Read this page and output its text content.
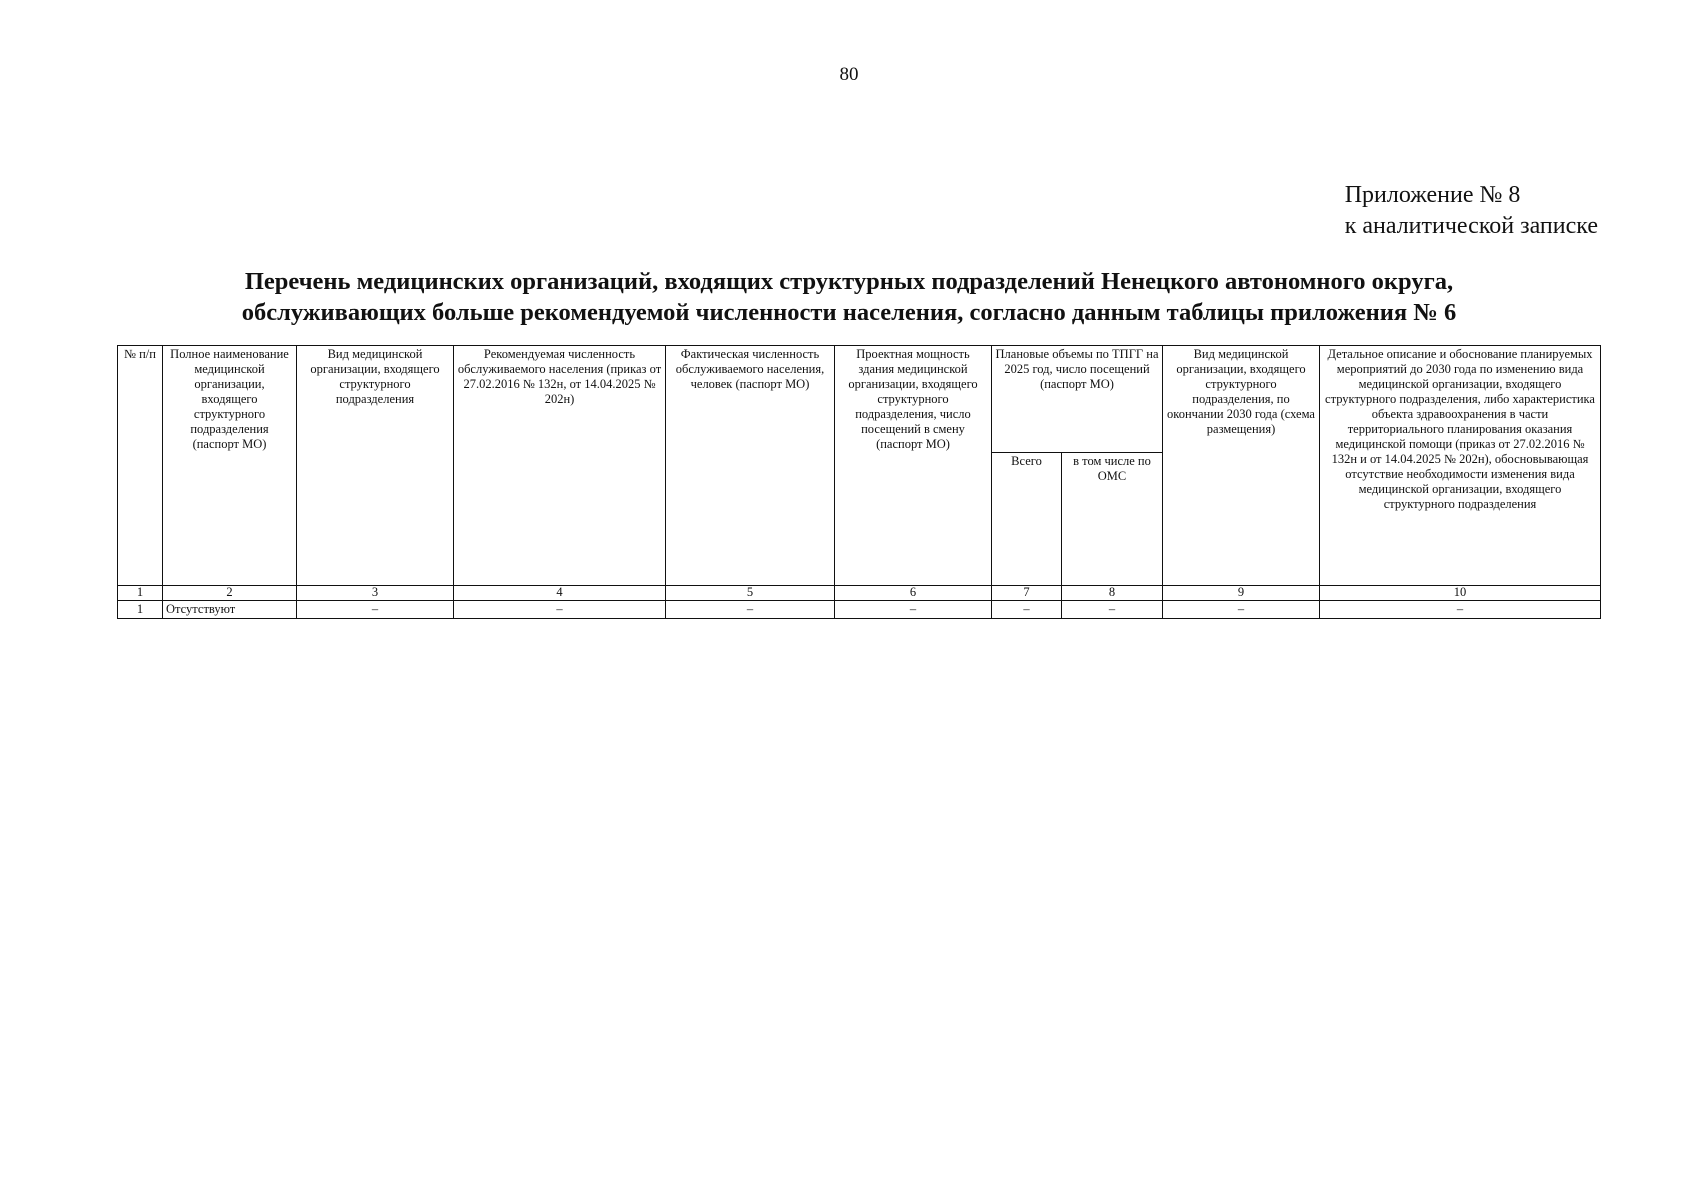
80
Приложение № 8
к аналитической записке
Перечень медицинских организаций, входящих структурных подразделений Ненецкого автономного округа,
обслуживающих больше рекомендуемой численности населения, согласно данным таблицы приложения № 6
№ п/п	Полное наименование медицинской организации, входящего структурного подразделения (паспорт МО)	Вид медицинской организации, входящего структурного подразделения	Рекомендуемая численность обслуживаемого населения (приказ от 27.02.2016 № 132н, от 14.04.2025 № 202н)	Фактическая численность обслуживаемого населения, человек (паспорт МО)	Проектная мощность здания медицинской организации, входящего структурного подразделения, число посещений в смену (паспорт МО)	Плановые объемы по ТПГГ на 2025 год, число посещений (паспорт МО)		Вид медицинской организации, входящего структурного подразделения, по окончании 2030 года (схема размещения)	Детальное описание и обоснование планируемых мероприятий до 2030 года по изменению вида медицинской организации, входящего структурного подразделения, либо характеристика объекта здравоохранения в части территориального планирования оказания медицинской помощи (приказ от 27.02.2016 № 132н и от 14.04.2025 № 202н), обосновывающая отсутствие необходимости изменения вида медицинской организации, входящего структурного подразделения
						Всего	в том числе по ОМС		
1	2	3	4	5	6	7	8	9	10
1	Отсутствуют	–	–	–	–	–	–	–	–
